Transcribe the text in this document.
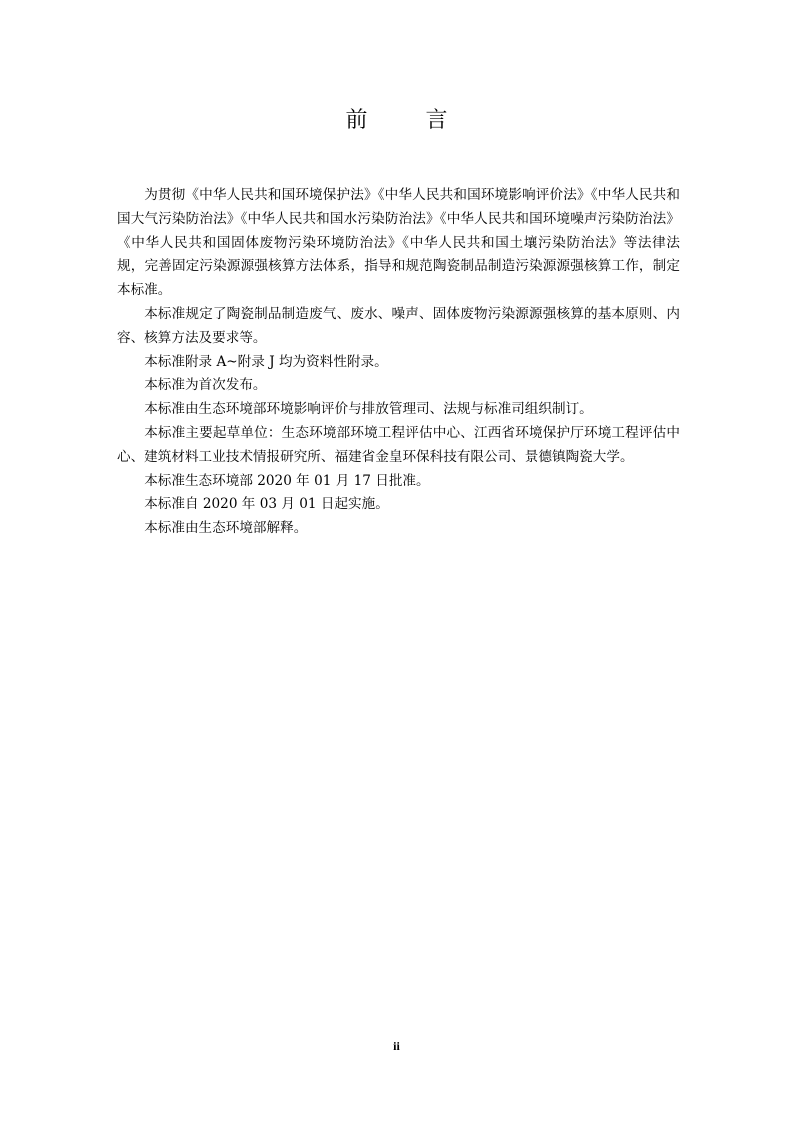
前　言

为贯彻《中华人民共和国环境保护法》《中华人民共和国环境影响评价法》《中华人民共和国大气污染防治法》《中华人民共和国水污染防治法》《中华人民共和国环境噪声污染防治法》《中华人民共和国固体废物污染环境防治法》《中华人民共和国土壤污染防治法》等法律法规，完善固定污染源源强核算方法体系，指导和规范陶瓷制品制造污染源源强核算工作，制定本标准。

本标准规定了陶瓷制品制造废气、废水、噪声、固体废物污染源源强核算的基本原则、内容、核算方法及要求等。

本标准附录 A~附录 J 均为资料性附录。

本标准为首次发布。

本标准由生态环境部环境影响评价与排放管理司、法规与标准司组织制订。

本标准主要起草单位：生态环境部环境工程评估中心、江西省环境保护厅环境工程评估中心、建筑材料工业技术情报研究所、福建省金皇环保科技有限公司、景德镇陶瓷大学。

本标准生态环境部 2020 年 01 月 17 日批准。

本标准自 2020 年 03 月 01 日起实施。

本标准由生态环境部解释。

ii
